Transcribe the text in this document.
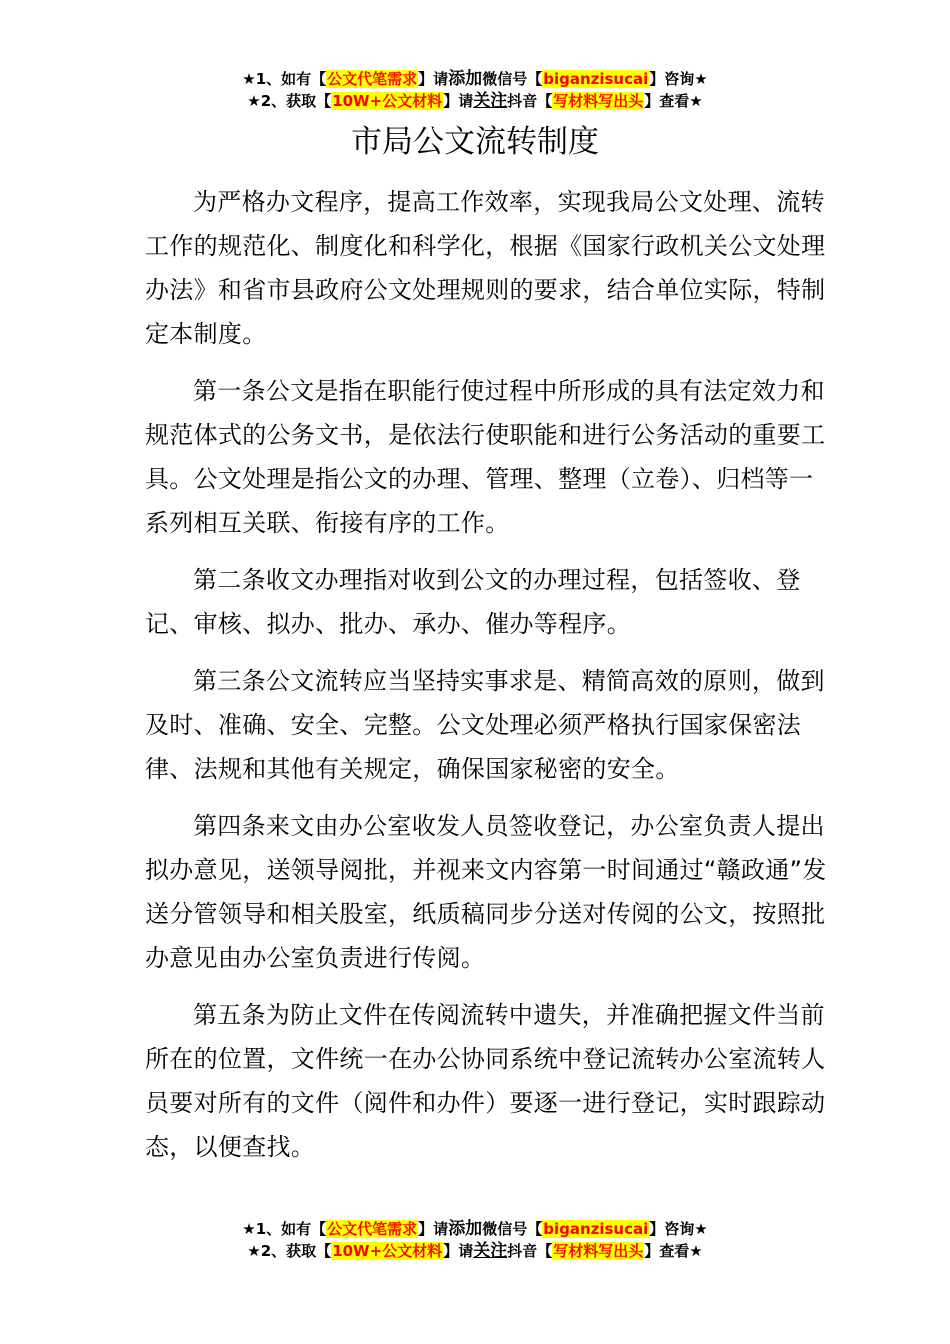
★1、如有【公文代笔需求】请添加微信号【biganzisucai】咨询★
★2、获取【10W+公文材料】请关注抖音【写材料写出头】查看★
市局公文流转制度

为严格办文程序，提高工作效率，实现我局公文处理、流转工作的规范化、制度化和科学化，根据《国家行政机关公文处理办法》和省市县政府公文处理规则的要求，结合单位实际，特制定本制度。

第一条公文是指在职能行使过程中所形成的具有法定效力和规范体式的公务文书，是依法行使职能和进行公务活动的重要工具。公文处理是指公文的办理、管理、整理（立卷）、归档等一系列相互关联、衔接有序的工作。

第二条收文办理指对收到公文的办理过程，包括签收、登记、审核、拟办、批办、承办、催办等程序。

第三条公文流转应当坚持实事求是、精简高效的原则，做到及时、准确、安全、完整。公文处理必须严格执行国家保密法律、法规和其他有关规定，确保国家秘密的安全。

第四条来文由办公室收发人员签收登记，办公室负责人提出拟办意见，送领导阅批，并视来文内容第一时间通过“赣政通”发送分管领导和相关股室，纸质稿同步分送对传阅的公文，按照批办意见由办公室负责进行传阅。

第五条为防止文件在传阅流转中遗失，并准确把握文件当前所在的位置，文件统一在办公协同系统中登记流转办公室流转人员要对所有的文件（阅件和办件）要逐一进行登记，实时跟踪动态，以便查找。

★1、如有【公文代笔需求】请添加微信号【biganzisucai】咨询★
★2、获取【10W+公文材料】请关注抖音【写材料写出头】查看★
